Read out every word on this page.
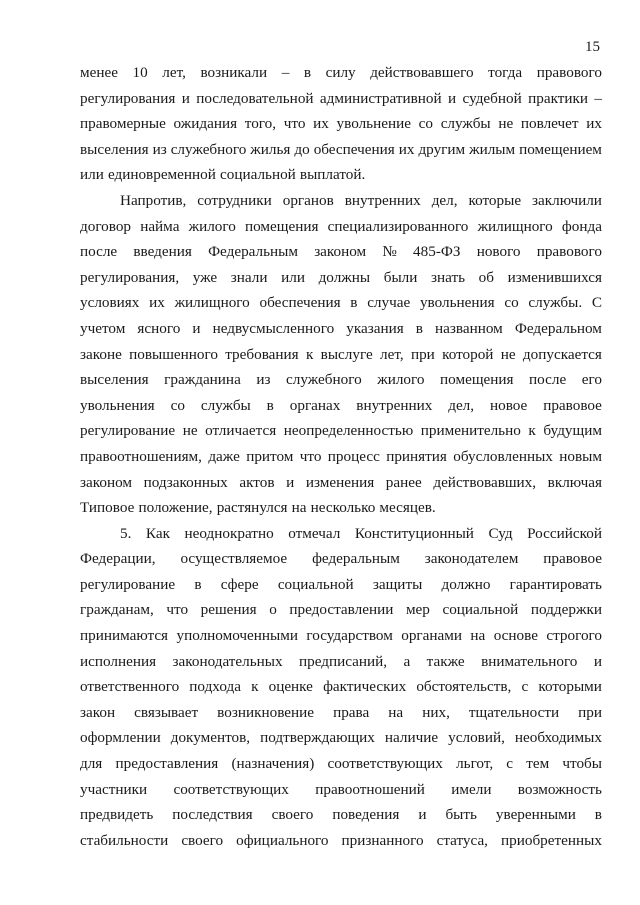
15
менее 10 лет, возникали – в силу действовавшего тогда правового
регулирования и последовательной административной и судебной практики –
правомерные ожидания того, что их увольнение со службы не повлечет их
выселения из служебного жилья до обеспечения их другим жилым помещением
или единовременной социальной выплатой.
Напротив, сотрудники органов внутренних дел, которые заключили
договор найма жилого помещения специализированного жилищного фонда
после введения Федеральным законом № 485-ФЗ нового правового
регулирования, уже знали или должны были знать об изменившихся
условиях их жилищного обеспечения в случае увольнения со службы. С
учетом ясного и недвусмысленного указания в названном Федеральном
законе повышенного требования к выслуге лет, при которой не допускается
выселения гражданина из служебного жилого помещения после его
увольнения со службы в органах внутренних дел, новое правовое
регулирование не отличается неопределенностью применительно к будущим
правоотношениям, даже притом что процесс принятия обусловленных новым
законом подзаконных актов и изменения ранее действовавших, включая
Типовое положение, растянулся на несколько месяцев.
5. Как неоднократно отмечал Конституционный Суд Российской
Федерации, осуществляемое федеральным законодателем правовое
регулирование в сфере социальной защиты должно гарантировать
гражданам, что решения о предоставлении мер социальной поддержки
принимаются уполномоченными государством органами на основе строгого
исполнения законодательных предписаний, а также внимательного и
ответственного подхода к оценке фактических обстоятельств, с которыми
закон связывает возникновение права на них, тщательности при
оформлении документов, подтверждающих наличие условий, необходимых
для предоставления (назначения) соответствующих льгот, с тем чтобы
участники соответствующих правоотношений имели возможность
предвидеть последствия своего поведения и быть уверенными в
стабильности своего официального признанного статуса, приобретенных
